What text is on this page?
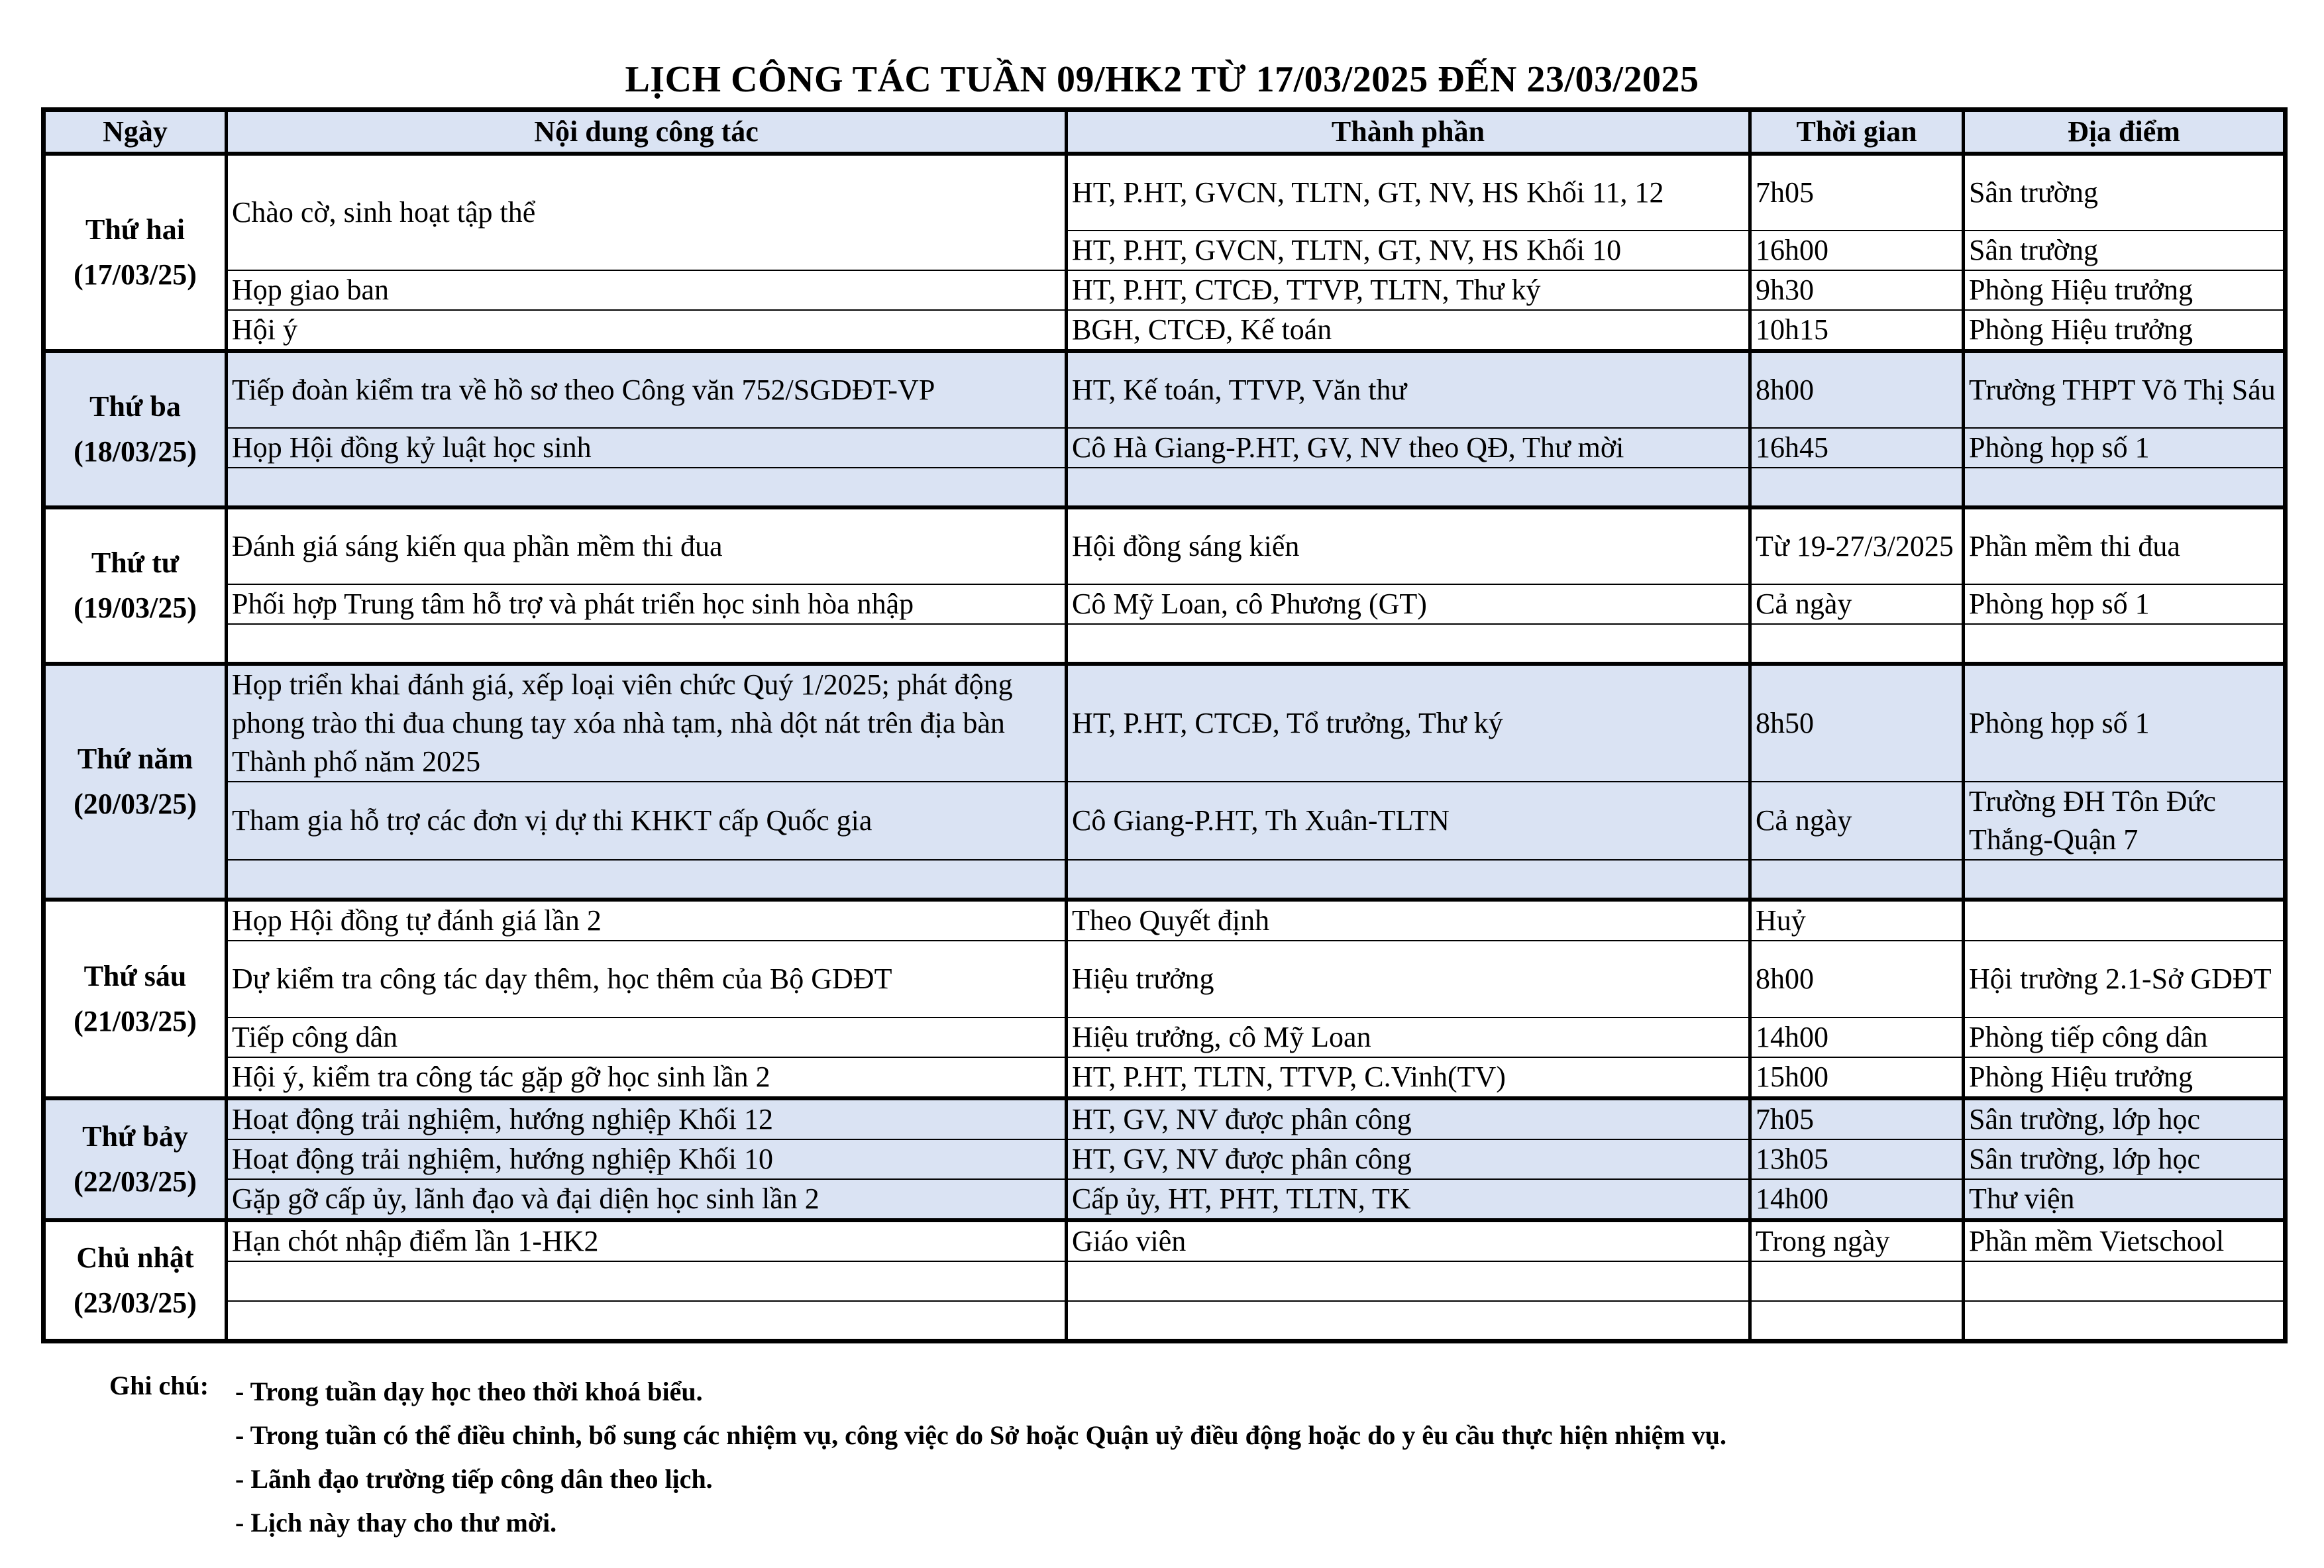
LỊCH CÔNG TÁC TUẦN 09/HK2 TỪ 17/03/2025 ĐẾN 23/03/2025
Ngày	Nội dung công tác	Thành phần	Thời gian	Địa điểm

Thứ hai
(17/03/25)	Chào cờ, sinh hoạt tập thể	HT, P.HT, GVCN, TLTN, GT, NV, HS Khối 11, 12	7h05	Sân trường
		HT, P.HT, GVCN, TLTN, GT, NV, HS Khối 10	16h00	Sân trường
	Họp giao ban	HT, P.HT, CTCĐ, TTVP, TLTN, Thư ký	9h30	Phòng Hiệu trưởng
	Hội ý	BGH, CTCĐ, Kế toán	10h15	Phòng Hiệu trưởng

Thứ ba
(18/03/25)	Tiếp đoàn kiểm tra về hồ sơ theo Công văn 752/SGDĐT-VP	HT, Kế toán, TTVP, Văn thư	8h00	Trường THPT Võ Thị Sáu
	Họp Hội đồng kỷ luật học sinh	Cô Hà Giang-P.HT, GV, NV theo QĐ, Thư mời	16h45	Phòng họp số 1

Thứ tư
(19/03/25)	Đánh giá sáng kiến qua phần mềm thi đua	Hội đồng sáng kiến	Từ 19-27/3/2025	Phần mềm thi đua
	Phối hợp Trung tâm hỗ trợ và phát triển học sinh hòa nhập	Cô Mỹ Loan, cô Phương (GT)	Cả ngày	Phòng họp số 1

Thứ năm
(20/03/25)	Họp triển khai đánh giá, xếp loại viên chức Quý 1/2025; phát động phong trào thi đua chung tay xóa nhà tạm, nhà dột nát trên địa bàn Thành phố năm 2025	HT, P.HT, CTCĐ, Tổ trưởng, Thư ký	8h50	Phòng họp số 1
	Tham gia hỗ trợ các đơn vị dự thi KHKT cấp Quốc gia	Cô Giang-P.HT, Th Xuân-TLTN	Cả ngày	Trường ĐH Tôn Đức Thắng-Quận 7

Thứ sáu
(21/03/25)	Họp Hội đồng tự đánh giá lần 2	Theo Quyết định	Huỷ	
	Dự kiểm tra công tác dạy thêm, học thêm của Bộ GDĐT	Hiệu trưởng	8h00	Hội trường 2.1-Sở GDĐT
	Tiếp công dân	Hiệu trưởng, cô Mỹ Loan	14h00	Phòng tiếp công dân
	Hội ý, kiểm tra công tác gặp gỡ học sinh lần 2	HT, P.HT, TLTN, TTVP, C.Vinh(TV)	15h00	Phòng Hiệu trưởng

Thứ bảy
(22/03/25)	Hoạt động trải nghiệm, hướng nghiệp Khối 12	HT, GV, NV được phân công	7h05	Sân trường, lớp học
	Hoạt động trải nghiệm, hướng nghiệp Khối 10	HT, GV, NV được phân công	13h05	Sân trường, lớp học
	Gặp gỡ cấp ủy, lãnh đạo và đại diện học sinh lần 2	Cấp ủy, HT, PHT, TLTN, TK	14h00	Thư viện

Chủ nhật
(23/03/25)	Hạn chót nhập điểm lần 1-HK2	Giáo viên	Trong ngày	Phần mềm Vietschool

Ghi chú: - Trong tuần dạy học theo thời khoá biểu.
- Trong tuần có thể điều chỉnh, bổ sung các nhiệm vụ, công việc do Sở hoặc Quận uỷ điều động hoặc do y êu cầu thực hiện nhiệm vụ.
- Lãnh đạo trường tiếp công dân theo lịch.
- Lịch này thay cho thư mời.
